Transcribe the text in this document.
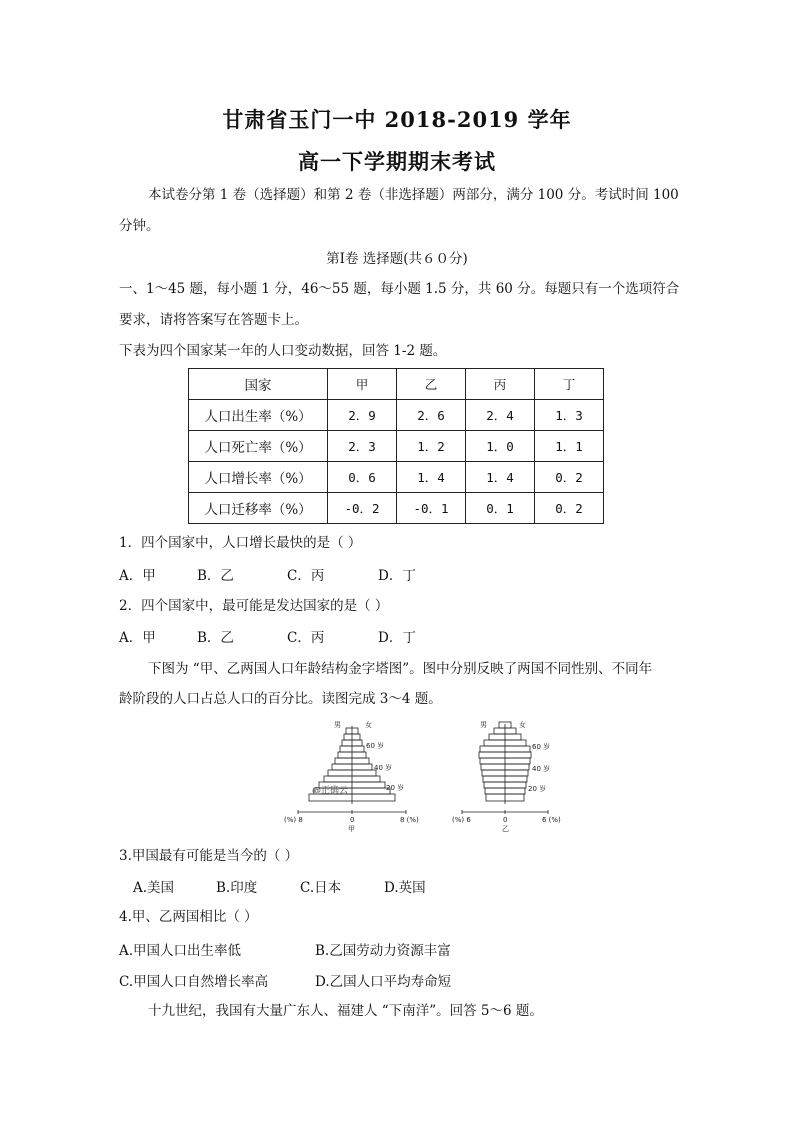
甘肃省玉门一中 2018-2019 学年
高一下学期期末考试
本试卷分第 1 卷（选择题）和第 2 卷（非选择题）两部分，满分 100 分。考试时间 100
分钟。
第Ⅰ卷 选择题(共６０分)
一、1～45 题，每小题 1 分，46～55 题，每小题 1.5 分，共 60 分。每题只有一个选项符合
要求，请将答案写在答题卡上。
下表为四个国家某一年的人口变动数据，回答 1-2 题。
国家	甲	乙	丙	丁
人口出生率（%）	2．9	2．6	2．4	1．3
人口死亡率（%）	2．3	1．2	1．0	1．1
人口增长率（%）	0．6	1．4	1．4	0．2
人口迁移率（%）	-0．2	-0．1	0．1	0．2
1．四个国家中，人口增长最快的是（ ）
A．甲	B．乙	C．丙	D．丁
2．四个国家中，最可能是发达国家的是（ ）
A．甲	B．乙	C．丙	D．丁
下图为 “甲、乙两国人口年龄结构金字塔图”。图中分别反映了两国不同性别、不同年
龄阶段的人口占总人口的百分比。读图完成 3～4 题。
男	女
60 岁
40 岁
20 岁
(%) 8	0	8 (%)
甲
@正确云
男	女
60 岁
40 岁
20 岁
(%) 6	0	6 (%)
乙
3.甲国最有可能是当今的（ ）
A.美国	B.印度	C.日本	D.英国
4.甲、乙两国相比（ ）
A.甲国人口出生率低	B.乙国劳动力资源丰富
C.甲国人口自然增长率高	D.乙国人口平均寿命短
十九世纪，我国有大量广东人、福建人 “下南洋”。回答 5～6 题。
